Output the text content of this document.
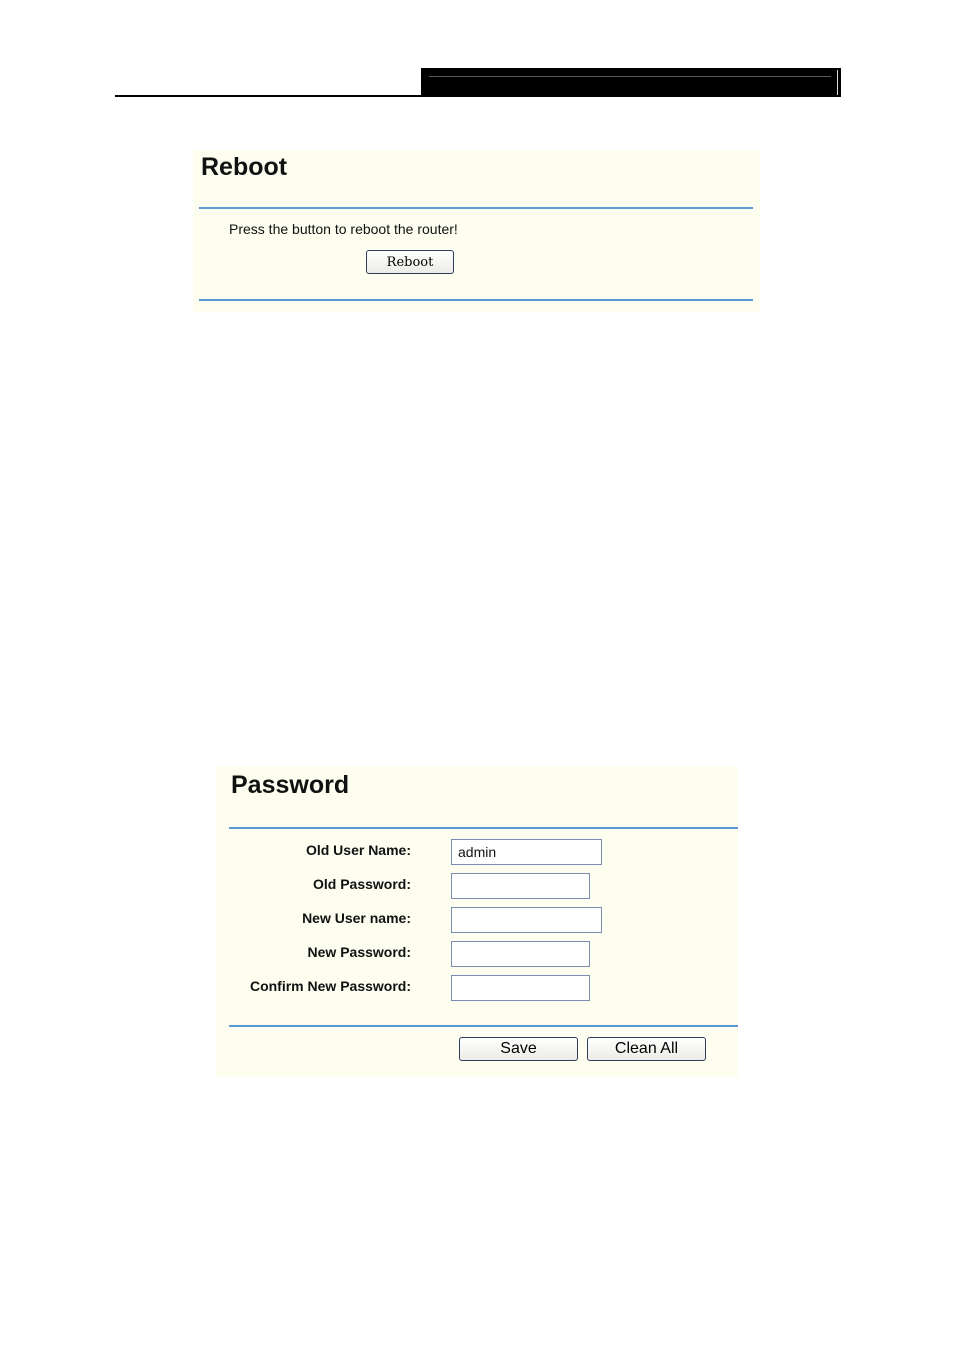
Reboot
Press the button to reboot the router!
Reboot
Password
Old User Name:
admin
Old Password:
New User name:
New Password:
Confirm New Password:
Save	Clean All
